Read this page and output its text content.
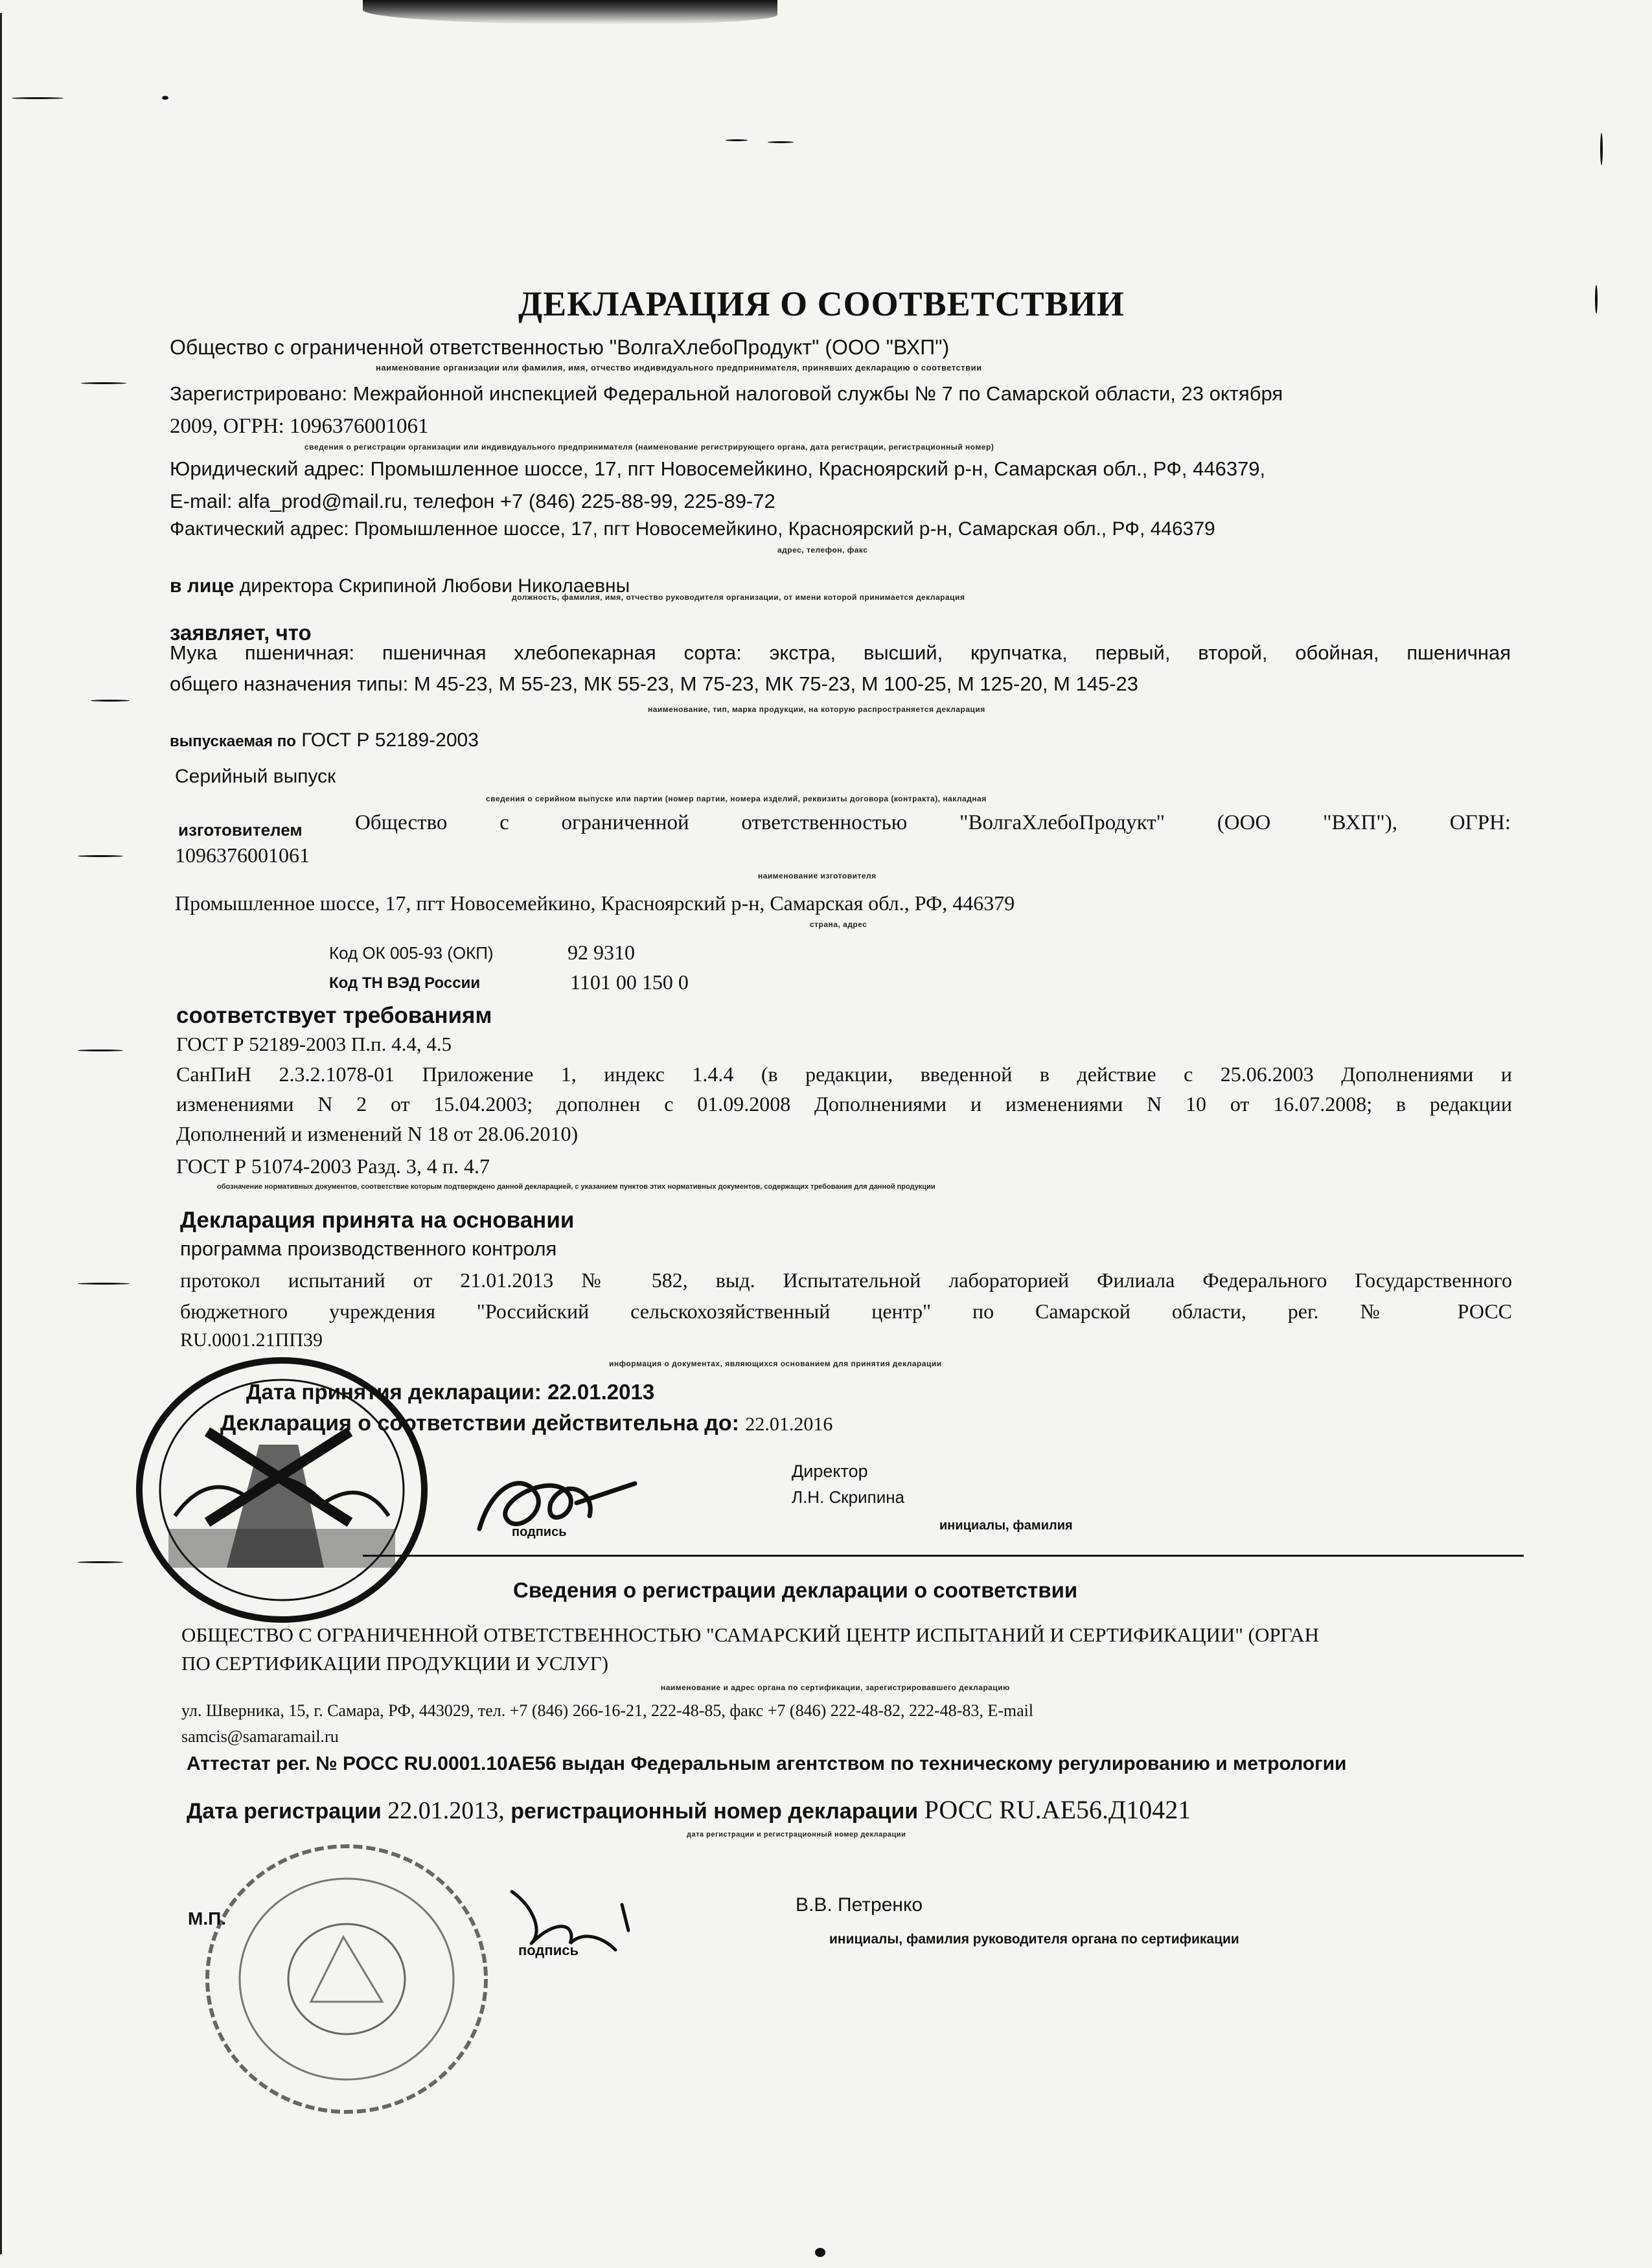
ДЕКЛАРАЦИЯ О СООТВЕТСТВИИ
Общество с ограниченной ответственностью "ВолгаХлебоПродукт" (ООО "ВХП")
наименование организации или фамилия, имя, отчество индивидуального предпринимателя, принявших декларацию о соответствии
Зарегистрировано: Межрайонной инспекцией Федеральной налоговой службы № 7 по Самарской области, 23 октября
2009, ОГРН: 1096376001061
сведения о регистрации организации или индивидуального предпринимателя (наименование регистрирующего органа, дата регистрации, регистрационный номер)
Юридический адрес: Промышленное шоссе, 17, пгт Новосемейкино, Красноярский р-н, Самарская обл., РФ, 446379,
E-mail: alfa_prod@mail.ru, телефон +7 (846) 225-88-99, 225-89-72
Фактический адрес: Промышленное шоссе, 17, пгт Новосемейкино, Красноярский р-н, Самарская обл., РФ, 446379
адрес, телефон, факс
в лице директора Скрипиной Любови Николаевны
должность, фамилия, имя, отчество руководителя организации, от имени которой принимается декларация
заявляет, что
Мука пшеничная: пшеничная хлебопекарная сорта: экстра, высший, крупчатка, первый, второй, обойная, пшеничная
общего назначения типы: М 45-23, М 55-23, МК 55-23, М 75-23, МК 75-23, М 100-25, М 125-20, М 145-23
наименование, тип, марка продукции, на которую распространяется декларация
выпускаемая по ГОСТ Р 52189-2003
Серийный выпуск
сведения о серийном выпуске или партии (номер партии, номера изделий, реквизиты договора (контракта), накладная
изготовителем Общество с ограниченной ответственностью "ВолгаХлебоПродукт" (ООО "ВХП"), ОГРН:
1096376001061
наименование изготовителя
Промышленное шоссе, 17, пгт Новосемейкино, Красноярский р-н, Самарская обл., РФ, 446379
страна, адрес
Код ОК 005-93 (ОКП)	92 9310
Код ТН ВЭД России	1101 00 150 0
соответствует требованиям
ГОСТ Р 52189-2003 П.п. 4.4, 4.5
СанПиН 2.3.2.1078-01 Приложение 1, индекс 1.4.4 (в редакции, введенной в действие с 25.06.2003 Дополнениями и
изменениями N 2 от 15.04.2003; дополнен с 01.09.2008 Дополнениями и изменениями N 10 от 16.07.2008; в редакции
Дополнений и изменений N 18 от 28.06.2010)
ГОСТ Р 51074-2003 Разд. 3, 4 п. 4.7
обозначение нормативных документов, соответствие которым подтверждено данной декларацией, с указанием пунктов этих нормативных документов, содержащих требования для данной продукции
Декларация принята на основании
программа производственного контроля
протокол испытаний от 21.01.2013 № 582, выд. Испытательной лабораторией Филиала Федерального Государственного
бюджетного учреждения "Российский сельскохозяйственный центр" по Самарской области, рег. № РОСС
RU.0001.21ПП39
информация о документах, являющихся основанием для принятия декларации
Дата принятия декларации: 22.01.2013
Декларация о соответствии действительна до: 22.01.2016
Директор
Л.Н. Скрипина
подпись	инициалы, фамилия
Сведения о регистрации декларации о соответствии
ОБЩЕСТВО С ОГРАНИЧЕННОЙ ОТВЕТСТВЕННОСТЬЮ "САМАРСКИЙ ЦЕНТР ИСПЫТАНИЙ И СЕРТИФИКАЦИИ" (ОРГАН
ПО СЕРТИФИКАЦИИ ПРОДУКЦИИ И УСЛУГ)
наименование и адрес органа по сертификации, зарегистрировавшего декларацию
ул. Шверника, 15, г. Самара, РФ, 443029, тел. +7 (846) 266-16-21, 222-48-85, факс +7 (846) 222-48-82, 222-48-83, E-mail
samcis@samaramail.ru
Аттестат рег. № РОСС RU.0001.10АЕ56 выдан Федеральным агентством по техническому регулированию и метрологии
Дата регистрации 22.01.2013, регистрационный номер декларации РОСС RU.АЕ56.Д10421
дата регистрации и регистрационный номер декларации
М.П.
подпись
В.В. Петренко
инициалы, фамилия руководителя органа по сертификации
